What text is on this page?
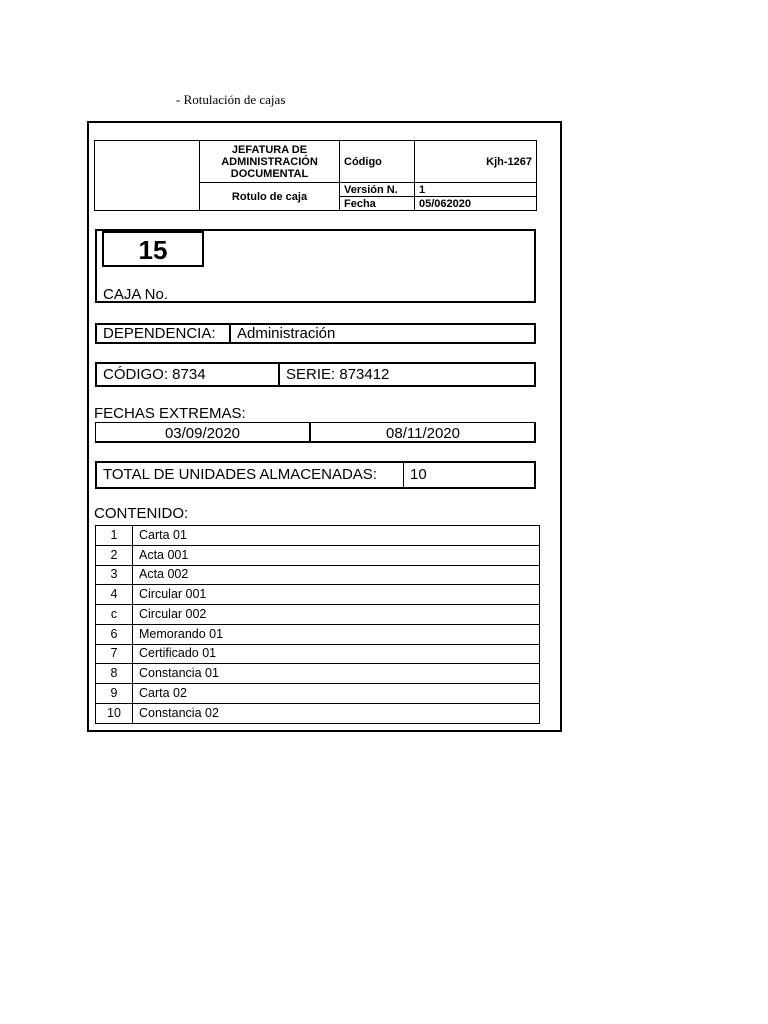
- Rotulación de cajas

	JEFATURA DE
ADMINISTRACIÓN
DOCUMENTAL	Código	Kjh-1267
	Rotulo de caja	Versión N.	1
		Fecha	05/062020
15
CAJA No.
DEPENDENCIA: Administración
CÓDIGO: 8734	SERIE: 873412
FECHAS EXTREMAS:
03/09/2020	08/11/2020
TOTAL DE UNIDADES ALMACENADAS: 10
CONTENIDO:
1	Carta 01
2	Acta 001
3	Acta 002
4	Circular 001
c	Circular 002
6	Memorando 01
7	Certificado 01
8	Constancia 01
9	Carta 02
10	Constancia 02
